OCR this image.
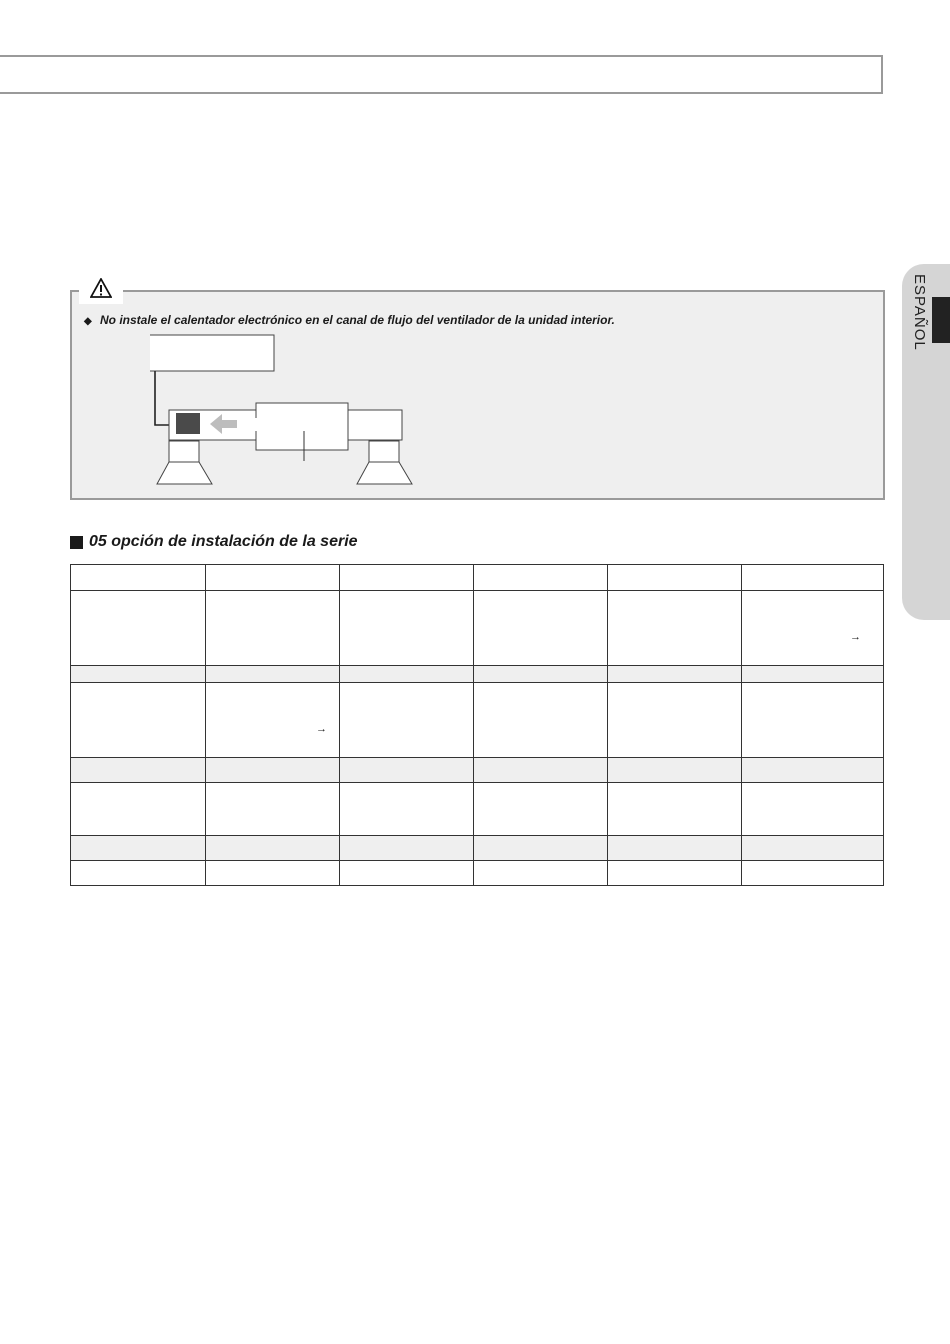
ESPAÑOL
◆ No instale el calentador electrónico en el canal de flujo del ventilador de la unidad interior.
05 opción de instalación de la serie

					→

	→				
